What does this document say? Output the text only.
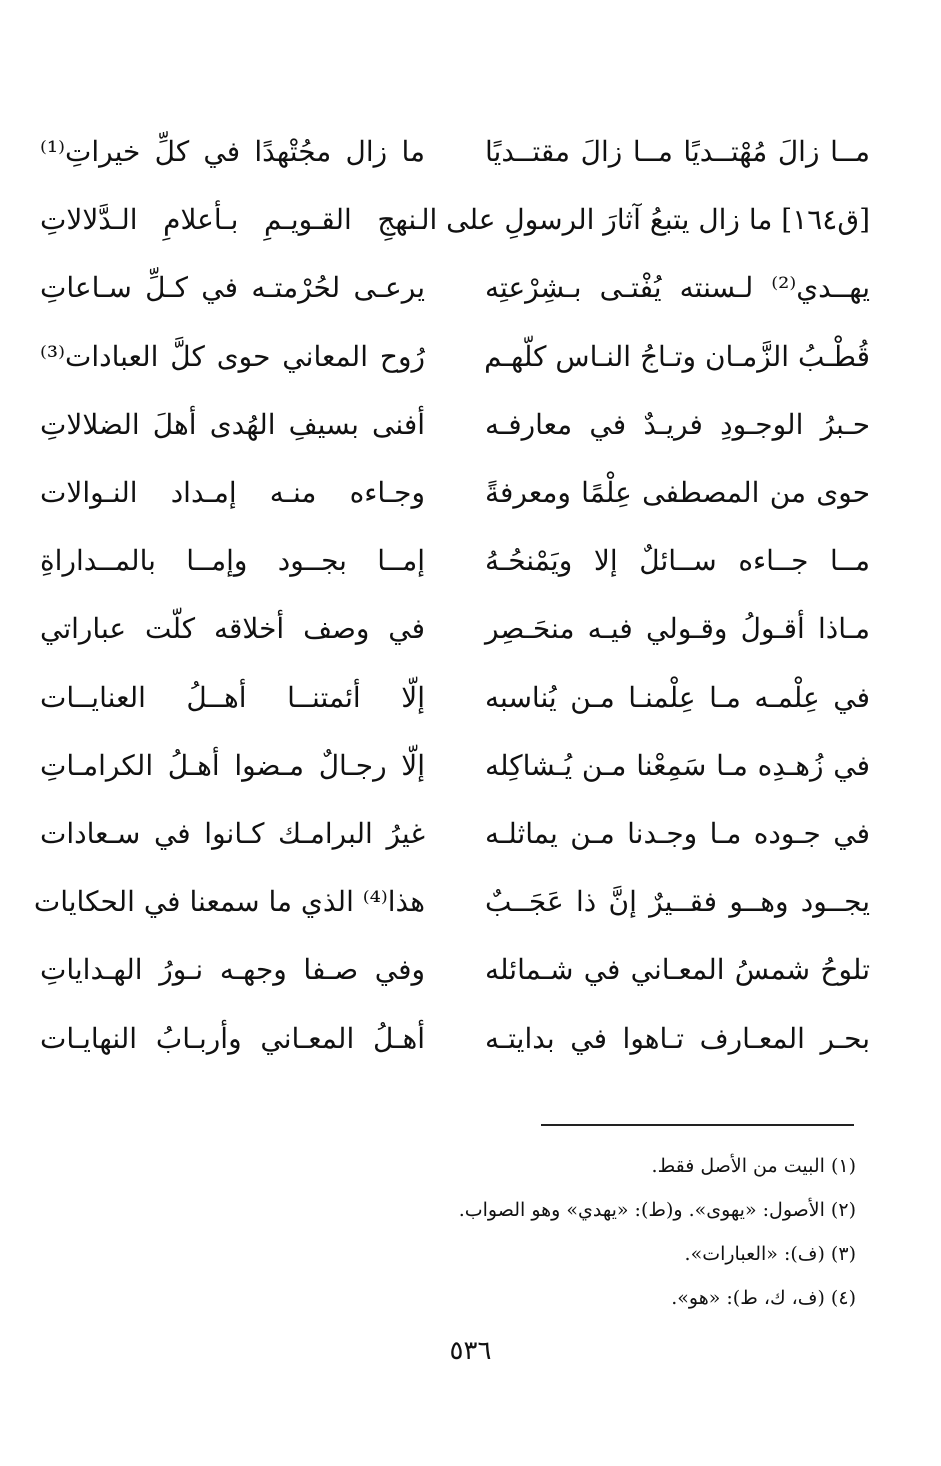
مــا زالَ مُهْتــديًا مــا زالَ مقتــديًا
ما زال مجُتْهدًا في كلِّ خيراتِ⁽¹⁾
[ق١٦٤] ما زال يتبعُ آثارَ الرسولِ على الـ
ـنهجِ القـويـمِ بـأعلامِ الـدَّلالاتِ
يهــدي⁽²⁾ لـسنته يُفْتـى بـشِرْعتِه
يرعـى لحُرْمتـه في كـلِّ سـاعاتِ
قُطْـبُ الزَّمـان وتـاجُ النـاس كلّهـم
رُوح المعاني حوى كلَّ العبادات⁽³⁾
حـبرُ الوجـودِ فريـدٌ في معارفـه
أفنى بسيفِ الهُدى أهلَ الضلالاتِ
حوى من المصطفى عِلْمًا ومعرفةً
وجـاءه منـه إمـداد النـوالات
مــا جــاءه ســائلٌ إلا ويَمْنحُـهُ
إمــا بجــود وإمــا بالمــداراةِ
مـاذا أقـولُ وقـولي فيـه منحَـصِر
في وصف أخلاقه كلّت عباراتي
في عِلْمـه مـا عِلْمنـا مـن يُناسبه
إلّا أئمتنــا أهــلُ العنايــات
في زُهـدِه مـا سَمِعْنا مـن يُـشاكِله
إلّا رجـالٌ مـضوا أهـلُ الكرامـاتِ
في جـوده مـا وجـدنا مـن يماثلـه
غيرُ البرامـك كـانوا في سـعادات
يجــود وهــو فقــيرٌ إنَّ ذا عَجَــبٌ
هذا⁽⁴⁾ الذي ما سمعنا في الحكايات
تلوحُ شمسُ المعـاني في شـمائله
وفي صـفا وجهـه نـورُ الهـداياتِ
بحـر المعـارف تـاهوا في بدايتـه
أهـلُ المعـاني وأربـابُ النهايـات
(١) البيت من الأصل فقط.
(٢) الأصول: «يهوى». و(ط): «يهدي» وهو الصواب.
(٣) (ف): «العبارات».
(٤) (ف، ك، ط): «هو».
٥٣٦
